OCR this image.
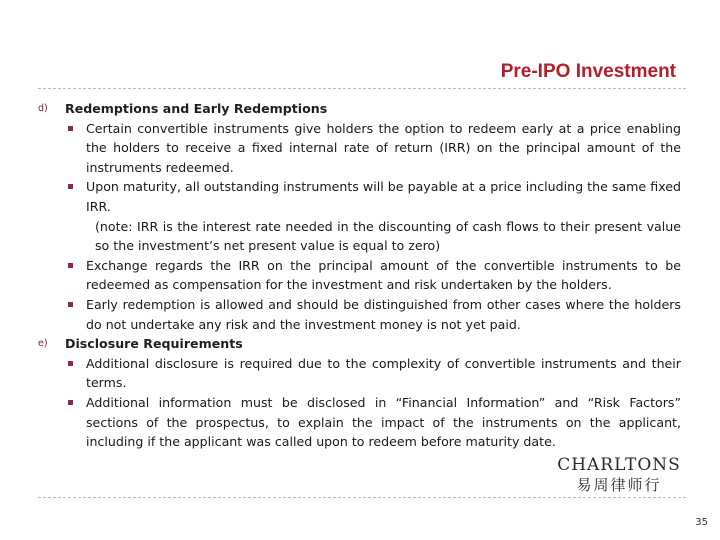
Pre-IPO Investment
d) Redemptions and Early Redemptions
Certain convertible instruments give holders the option to redeem early at a price enabling the holders to receive a fixed internal rate of return (IRR) on the principal amount of the instruments redeemed.
Upon maturity, all outstanding instruments will be payable at a price including the same fixed IRR.
(note: IRR is the interest rate needed in the discounting of cash flows to their present value so the investment’s net present value is equal to zero)
Exchange regards the IRR on the principal amount of the convertible instruments to be redeemed as compensation for the investment and risk undertaken by the holders.
Early redemption is allowed and should be distinguished from other cases where the holders do not undertake any risk and the investment money is not yet paid.
e) Disclosure Requirements
Additional disclosure is required due to the complexity of convertible instruments and their terms.
Additional information must be disclosed in “Financial Information” and “Risk Factors” sections of the prospectus, to explain the impact of the instruments on the applicant, including if the applicant was called upon to redeem before maturity date.
CHARLTONS
易周律师行
35
